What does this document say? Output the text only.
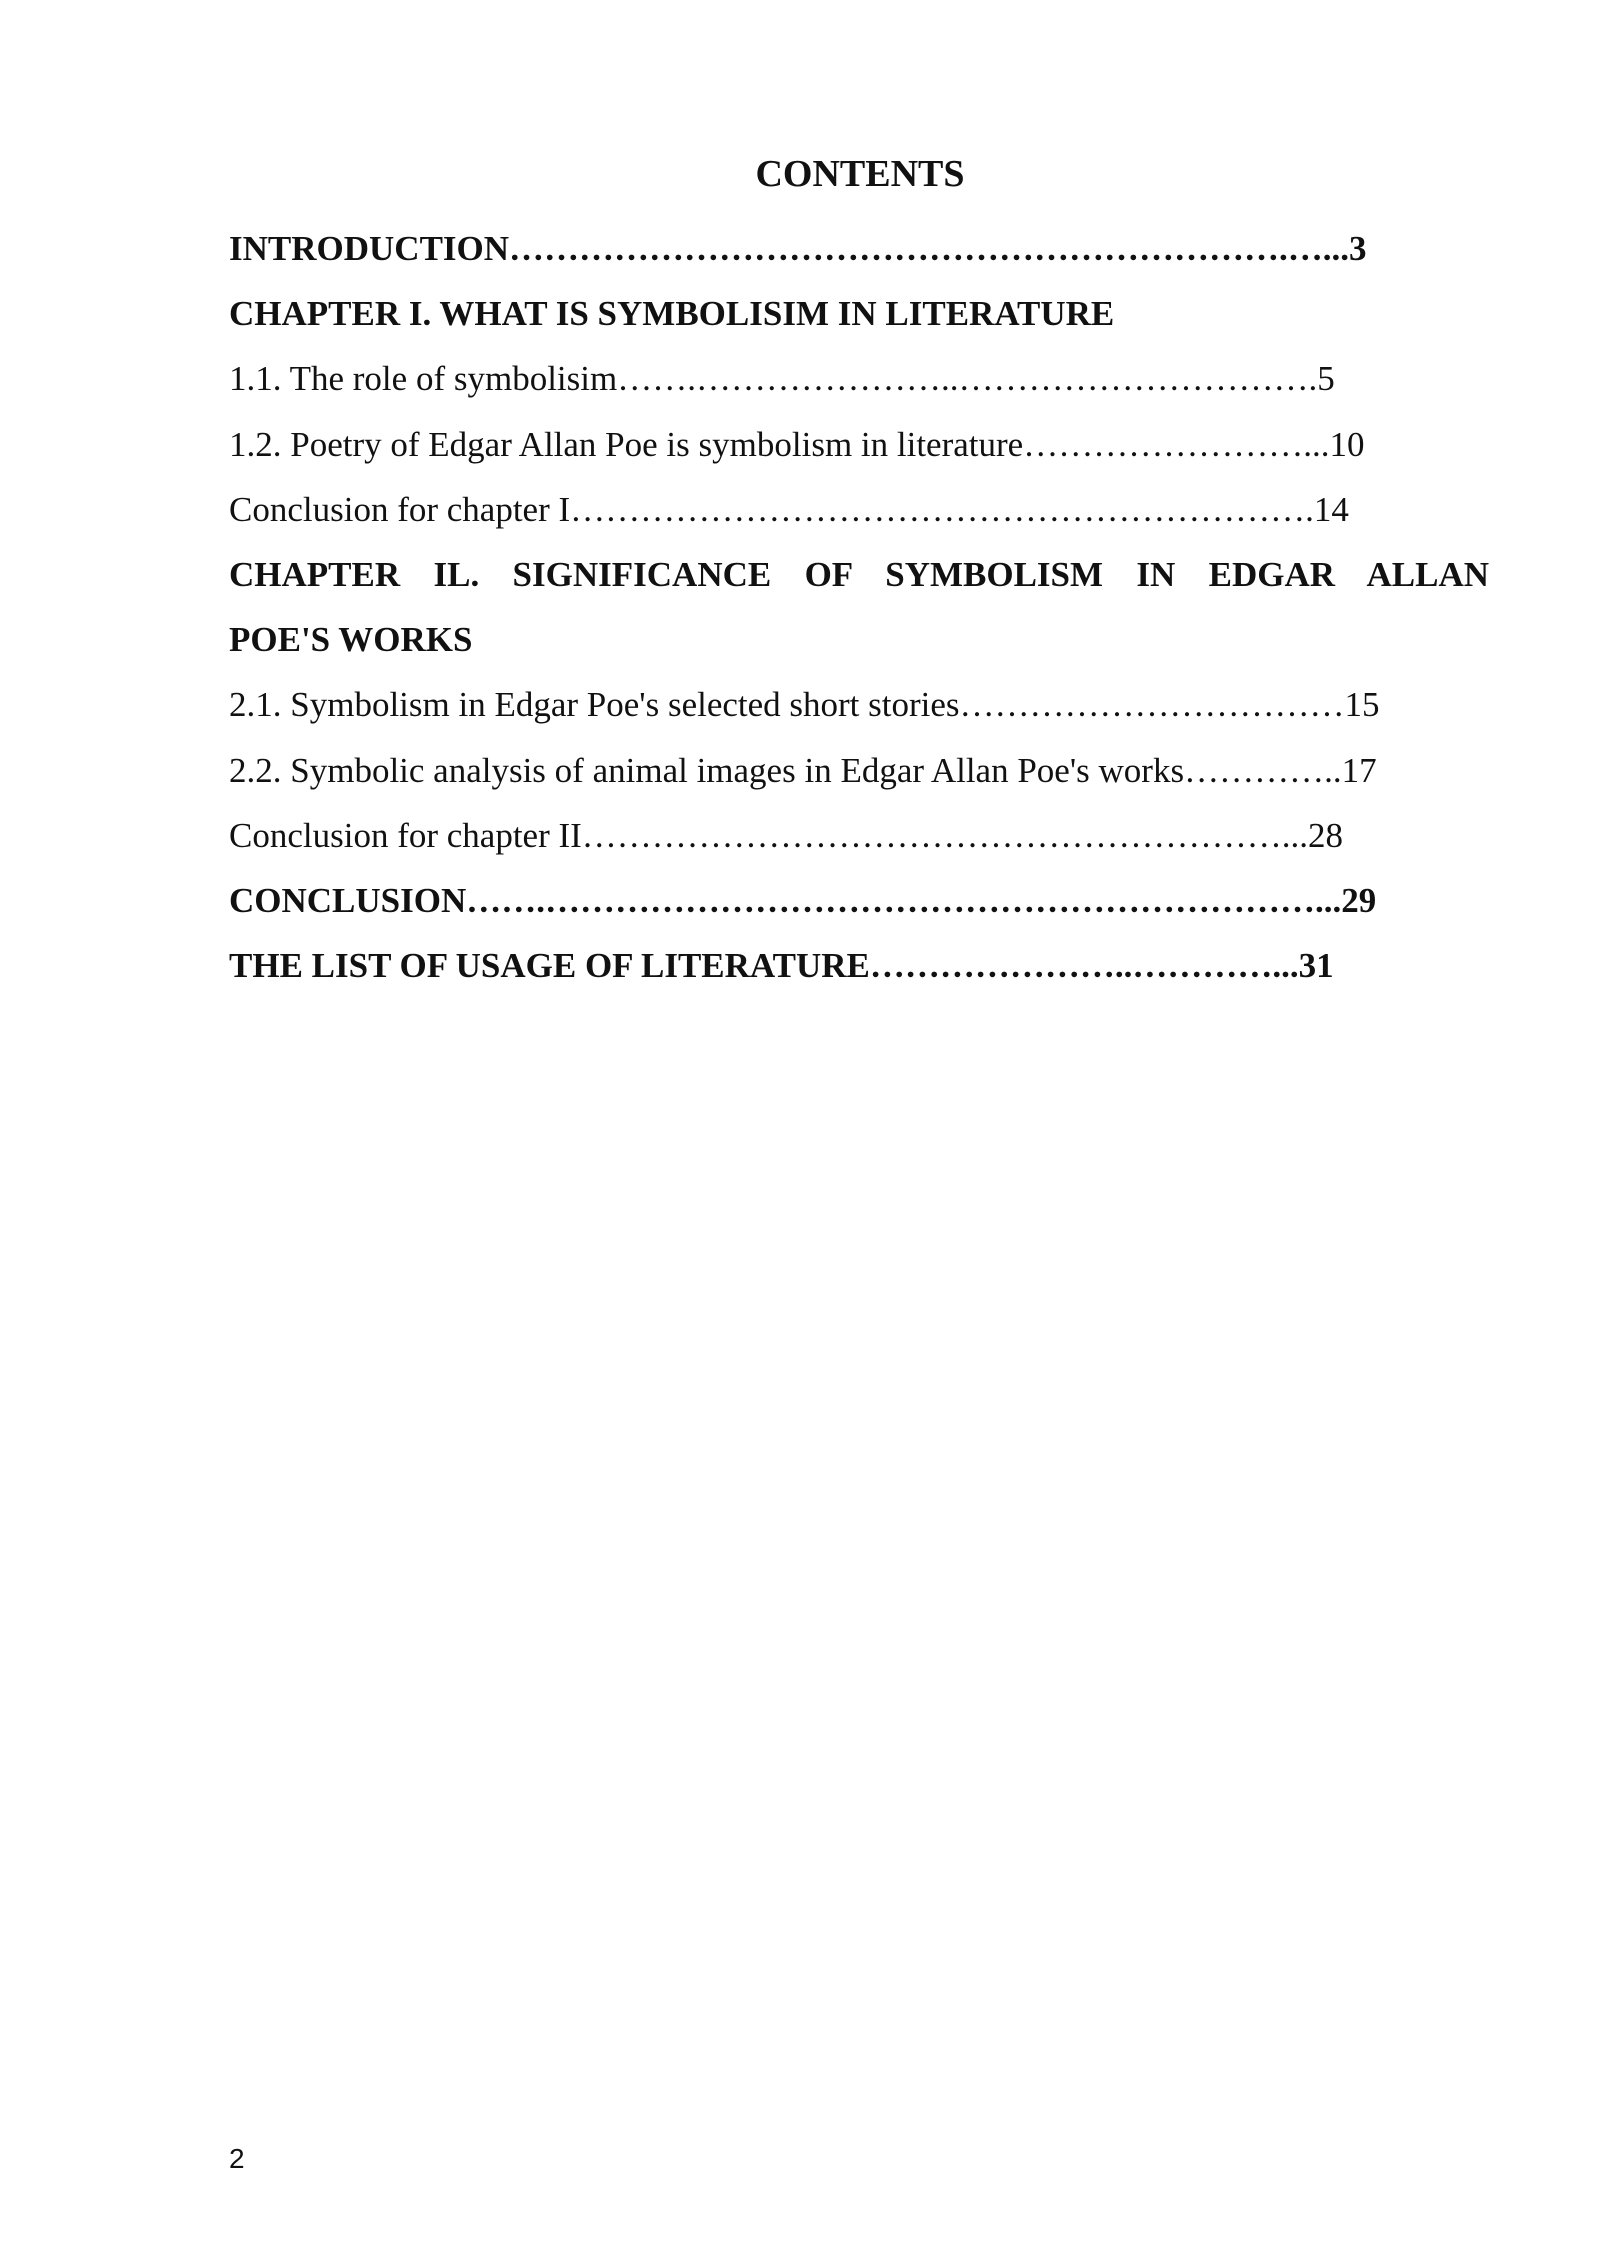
CONTENTS
INTRODUCTION………………………………………………………….…...3
CHAPTER I. WHAT IS SYMBOLISIM IN LITERATURE
1.1. The role of symbolisim…….…………………..………………………….5
1.2. Poetry of Edgar Allan Poe is symbolism in literature……………………...10
Conclusion for chapter I……………………………………………………….14
CHAPTER IL. SIGNIFICANCE OF SYMBOLISM IN EDGAR ALLAN
POE'S WORKS
2.1. Symbolism in Edgar Poe's selected short stories……………………………15
2.2. Symbolic analysis of animal images in Edgar Allan Poe's works…………..17
Conclusion for chapter II……………………………………………………...28
CONCLUSION…….…………………………………………………………...29
THE LIST OF USAGE OF LITERATURE…………………..…………...31
2
